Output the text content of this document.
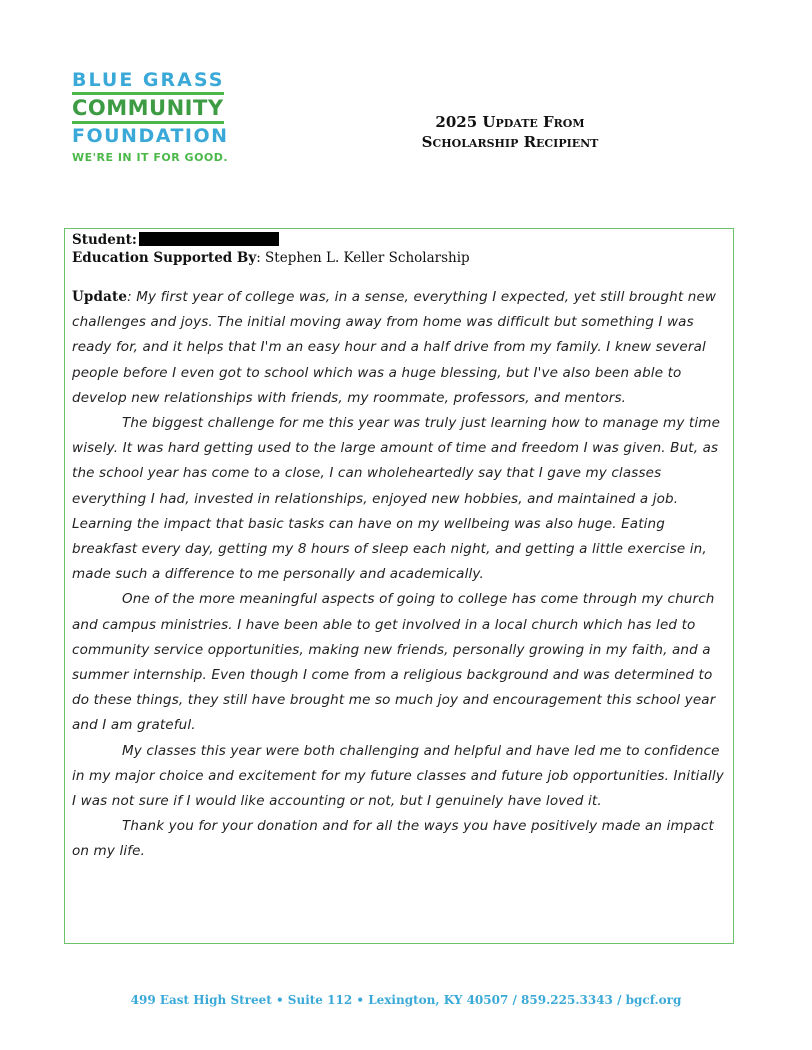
BLUE GRASS
COMMUNITY
FOUNDATION
WE'RE IN IT FOR GOOD.
2025 Update From
Scholarship Recipient
Student:
Education Supported By: Stephen L. Keller Scholarship

Update: My first year of college was, in a sense, everything I expected, yet still brought new challenges and joys. The initial moving away from home was difficult but something I was ready for, and it helps that I'm an easy hour and a half drive from my family. I knew several people before I even got to school which was a huge blessing, but I've also been able to develop new relationships with friends, my roommate, professors, and mentors.

The biggest challenge for me this year was truly just learning how to manage my time wisely. It was hard getting used to the large amount of time and freedom I was given. But, as the school year has come to a close, I can wholeheartedly say that I gave my classes everything I had, invested in relationships, enjoyed new hobbies, and maintained a job. Learning the impact that basic tasks can have on my wellbeing was also huge. Eating breakfast every day, getting my 8 hours of sleep each night, and getting a little exercise in, made such a difference to me personally and academically.

One of the more meaningful aspects of going to college has come through my church and campus ministries. I have been able to get involved in a local church which has led to community service opportunities, making new friends, personally growing in my faith, and a summer internship. Even though I come from a religious background and was determined to do these things, they still have brought me so much joy and encouragement this school year and I am grateful.

My classes this year were both challenging and helpful and have led me to confidence in my major choice and excitement for my future classes and future job opportunities. Initially I was not sure if I would like accounting or not, but I genuinely have loved it.

Thank you for your donation and for all the ways you have positively made an impact on my life.

499 East High Street • Suite 112 • Lexington, KY 40507 / 859.225.3343 / bgcf.org
